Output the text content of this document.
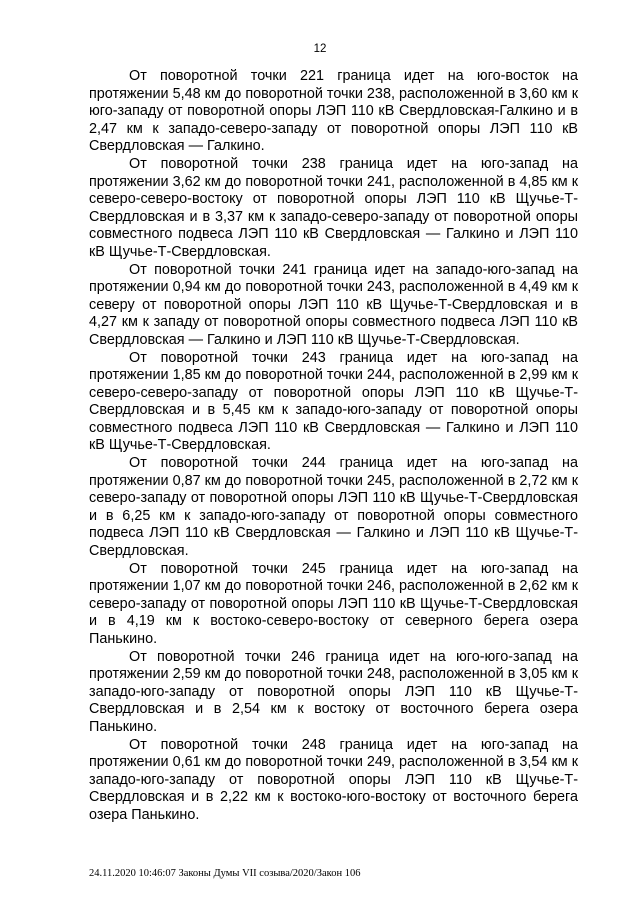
12

От поворотной точки 221 граница идет на юго-восток на протяжении 5,48 км до поворотной точки 238, расположенной в 3,60 км к юго-западу от поворотной опоры ЛЭП 110 кВ Свердловская-Галкино и в 2,47 км к западо-северо-западу от поворотной опоры ЛЭП 110 кВ Свердловская — Галкино.

От поворотной точки 238 граница идет на юго-запад на протяжении 3,62 км до поворотной точки 241, расположенной в 4,85 км к северо-северо-востоку от поворотной опоры ЛЭП 110 кВ Щучье-Т-Свердловская и в 3,37 км к западо-северо-западу от поворотной опоры совместного подвеса ЛЭП 110 кВ Свердловская — Галкино и ЛЭП 110 кВ Щучье-Т-Свердловская.

От поворотной точки 241 граница идет на западо-юго-запад на протяжении 0,94 км до поворотной точки 243, расположенной в 4,49 км к северу от поворотной опоры ЛЭП 110 кВ Щучье-Т-Свердловская и в 4,27 км к западу от поворотной опоры совместного подвеса ЛЭП 110 кВ Свердловская — Галкино и ЛЭП 110 кВ Щучье-Т-Свердловская.

От поворотной точки 243 граница идет на юго-запад на протяжении 1,85 км до поворотной точки 244, расположенной в 2,99 км к северо-северо-западу от поворотной опоры ЛЭП 110 кВ Щучье-Т-Свердловская и в 5,45 км к западо-юго-западу от поворотной опоры совместного подвеса ЛЭП 110 кВ Свердловская — Галкино и ЛЭП 110 кВ Щучье-Т-Свердловская.

От поворотной точки 244 граница идет на юго-запад на протяжении 0,87 км до поворотной точки 245, расположенной в 2,72 км к северо-западу от поворотной опоры ЛЭП 110 кВ Щучье-Т-Свердловская и в 6,25 км к западо-юго-западу от поворотной опоры совместного подвеса ЛЭП 110 кВ Свердловская — Галкино и ЛЭП 110 кВ Щучье-Т-Свердловская.

От поворотной точки 245 граница идет на юго-запад на протяжении 1,07 км до поворотной точки 246, расположенной в 2,62 км к северо-западу от поворотной опоры ЛЭП 110 кВ Щучье-Т-Свердловская и в 4,19 км к востоко-северо-востоку от северного берега озера Панькино.

От поворотной точки 246 граница идет на юго-юго-запад на протяжении 2,59 км до поворотной точки 248, расположенной в 3,05 км к западо-юго-западу от поворотной опоры ЛЭП 110 кВ Щучье-Т-Свердловская и в 2,54 км к востоку от восточного берега озера Панькино.

От поворотной точки 248 граница идет на юго-запад на протяжении 0,61 км до поворотной точки 249, расположенной в 3,54 км к западо-юго-западу от поворотной опоры ЛЭП 110 кВ Щучье-Т-Свердловская и в 2,22 км к востоко-юго-востоку от восточного берега озера Панькино.

24.11.2020 10:46:07 Законы Думы VII созыва/2020/Закон 106
